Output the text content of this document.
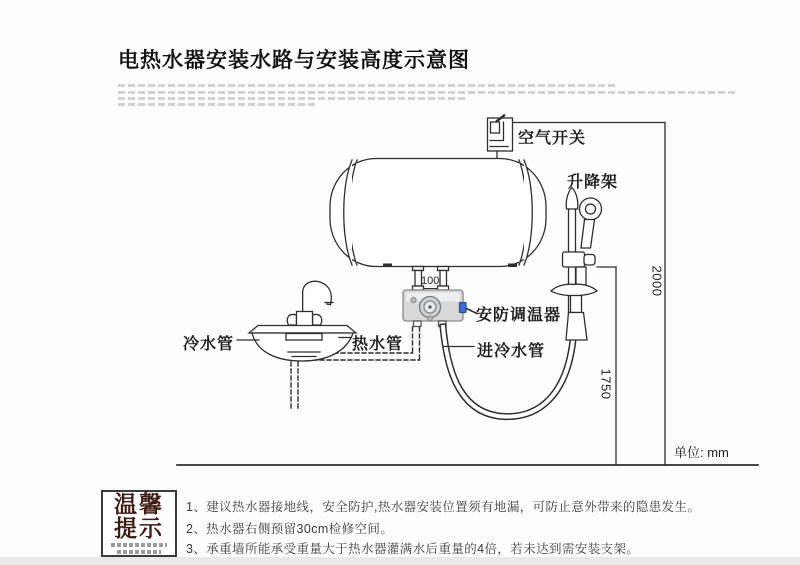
电热水器安装水路与安装高度示意图
空气开关
升降架
安防调温器
进冷水管
冷水管	热水管
100	2000
1750
单位: mm
温馨
提示
1、建议热水器接地线，安全防护,热水器安装位置须有地漏，可防止意外带来的隐患发生。
2、热水器右侧预留30cm检修空间。
3、承重墙所能承受重量大于热水器灌满水后重量的4倍，若未达到需安装支架。
